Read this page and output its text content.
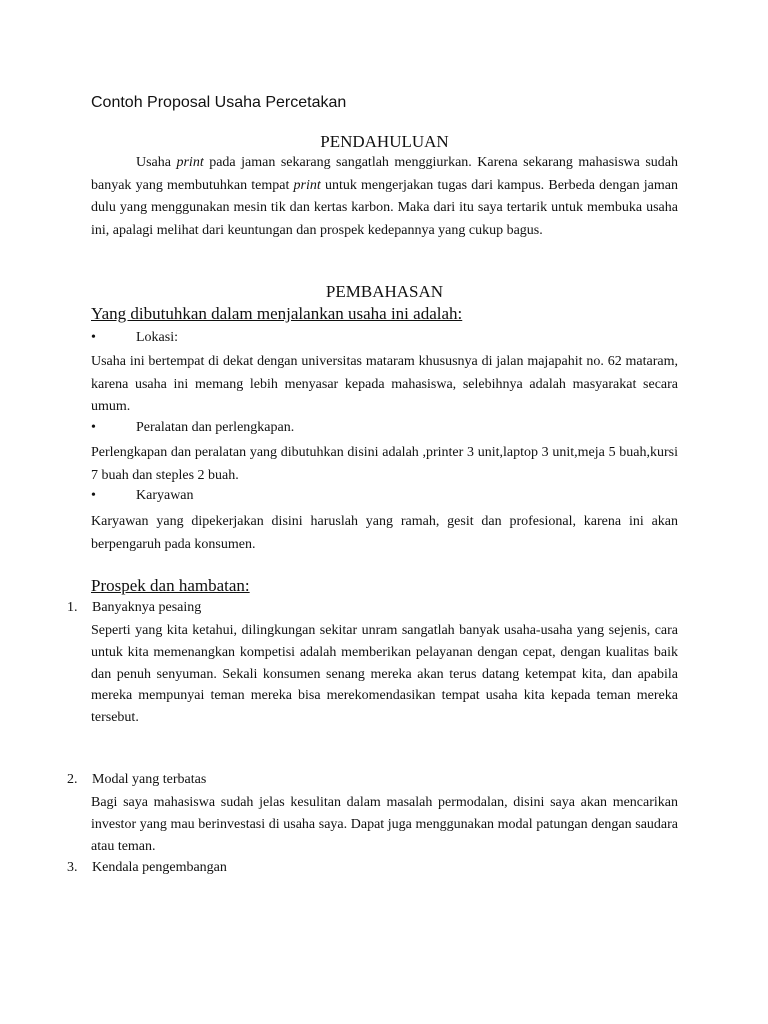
Contoh Proposal Usaha Percetakan
PENDAHULUAN

Usaha print pada jaman sekarang sangatlah menggiurkan. Karena sekarang mahasiswa sudah banyak yang membutuhkan tempat print untuk mengerjakan tugas dari kampus. Berbeda dengan jaman dulu yang menggunakan mesin tik dan kertas karbon. Maka dari itu saya tertarik untuk membuka usaha ini, apalagi melihat dari keuntungan dan prospek kedepannya yang cukup bagus.

PEMBAHASAN
Yang dibutuhkan dalam menjalankan usaha ini adalah:
•	Lokasi:

Usaha ini bertempat di dekat dengan universitas mataram khususnya di jalan majapahit no. 62 mataram, karena usaha ini memang lebih menyasar kepada mahasiswa, selebihnya adalah masyarakat secara umum.

•	Peralatan dan perlengkapan.

Perlengkapan dan peralatan yang dibutuhkan disini adalah ,printer 3 unit,laptop 3 unit,meja 5 buah,kursi 7 buah dan steples 2 buah.

•	Karyawan

Karyawan yang dipekerjakan disini haruslah yang ramah, gesit dan profesional, karena ini akan berpengaruh pada konsumen.

Prospek dan hambatan:
1. Banyaknya pesaing

Seperti yang kita ketahui, dilingkungan sekitar unram sangatlah banyak usaha-usaha yang sejenis, cara untuk kita memenangkan kompetisi adalah memberikan pelayanan dengan cepat, dengan kualitas baik dan penuh senyuman. Sekali konsumen senang mereka akan terus datang ketempat kita, dan apabila mereka mempunyai teman mereka bisa merekomendasikan tempat usaha kita kepada teman mereka tersebut.

2. Modal yang terbatas

Bagi saya mahasiswa sudah jelas kesulitan dalam masalah permodalan, disini saya akan mencarikan investor yang mau berinvestasi di usaha saya. Dapat juga menggunakan modal patungan dengan saudara atau teman.

3. Kendala pengembangan
